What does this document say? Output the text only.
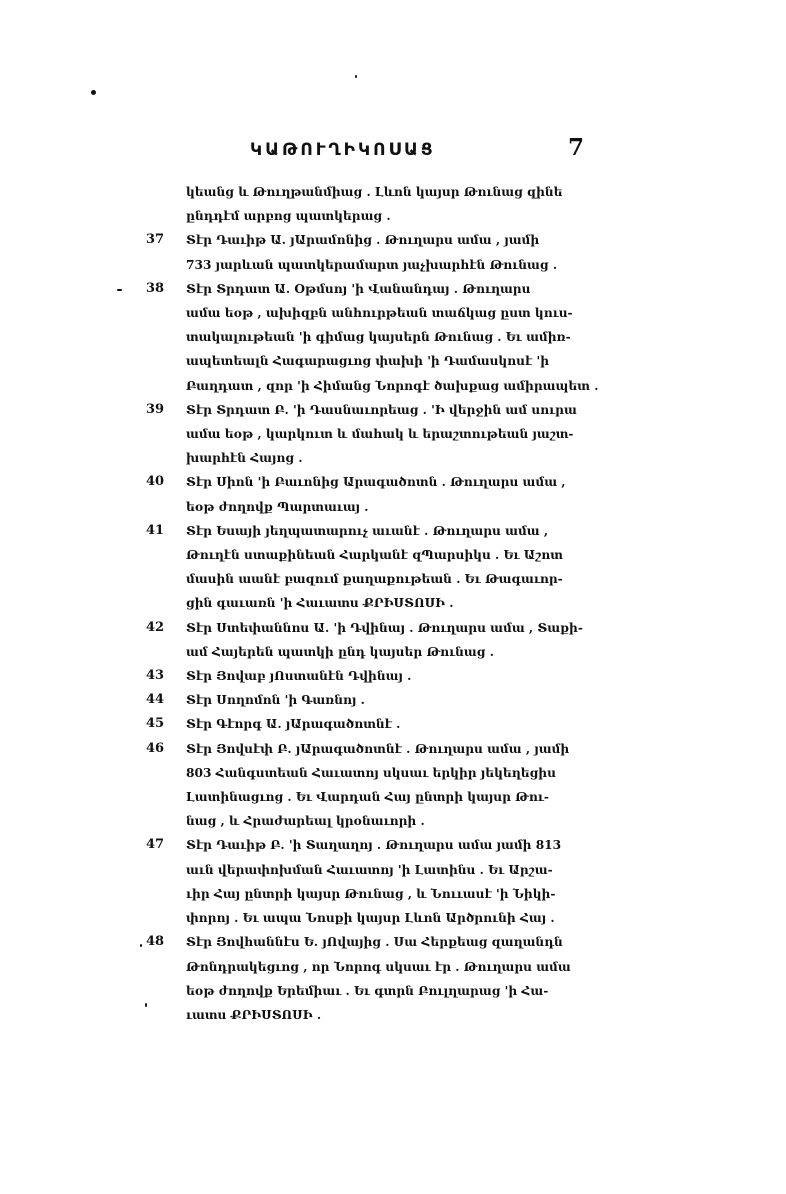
ԿԱԹՈՒՂԻԿՈՍԱՑ	7
կեանց և Թուղթանմիաց . Լևոն կայսր Թունաց զինե
ընդդէմ արբոց պատկերաց .
37 Տէր Դաւիթ Ա. յԱրամոնից . Թուղարս ամա , յամի
733 յարևան պատկերամարտ յաչխարհէն Թունաց .
38 Տէր Տրդատ Ա. Օթմսոյ 'ի Վանանդայ . Թուղարս
ամա եօթ , ախիզբն անհուրթեան տաճկաց ըստ կուս-
տակալութեան 'ի գիմաց կայսերն Թունաց . Եւ ամիռ-
ապետեալն Հագարացւոց փախի 'ի Դամասկոսէ 'ի
Բաղդատ , զոր 'ի Հիմանց Նորոգէ ծախքաց ամիրապետ .
39 Տէր Տրդատ Բ. 'ի Դասնաւորեաց . 'Ի վերջին ամ սուրա
ամա եօթ , կարկուտ և մահակ և երաշտութեան յաշտ-
խարհէն Հայոց .
40 Տէր Սիոն 'ի Բաւոնից Արագածոտն . Թուղարս ամա ,
եօթ ժողովք Պարտաւայ .
41 Տէր Եսայի յեղպատարուչ աւանէ . Թուղարս ամա ,
Թուղէն ստաքինեան Հարկանէ զՊարսիկս . Եւ Աշոտ
մասին աանէ բազում քաղաքութեան . Եւ Թագաւոր-
ցին գաւառն 'ի Հաւատս ՔՐԻՍՏՈՍԻ .
42 Տէր Ստեփաննոս Ա. 'ի Դվինայ . Թուղարս ամա , Տաքի-
ամ Հայերեն պատկի ընդ կայսեր Թունաց .
43 Տէր Յովաբ յՈստանէն Դվինայ .
44 Տէր Սողոմոն 'ի Գառնոյ .
45 Տէր Գէորգ Ա. յԱրագածոտնէ .
46 Տէր Յովսէփ Բ. յԱրագածոտնէ . Թուղարս ամա , յամի
803 Հանգստեան Հաւատոյ սկսաւ երկիր յեկեղեցիս
Լատինացւոց . Եւ Վարդան Հայ ընտրի կայսր Թու-
նաց , և Հրաժարեալ կրօնաւորի .
47 Տէր Դաւիթ Բ. 'ի Տաղաղոյ . Թուղարս ամա յամի 813
աւն վերափոխման Հաւատոյ 'ի Լատինս . Եւ Արշա-
ւիր Հայ ընտրի կայսր Թունաց , և Նոււասէ 'ի Նիկի-
փորոյ . Եւ ապա Նոսքի կայսր Լևոն Արծրունի Հայ .
48 Տէր Յովհաննէս Ե. յՈվայից . Սա Հերքեաց զաղանդն
Թոնդրակեցւոց , որ Նորոգ սկսաւ էր . Թուղարս ամա
եօթ ժողովք Երեմիաւ . Եւ գտրն Բուլղարաց 'ի Հա-
ւատս ՔՐԻՍՏՈՍԻ .
